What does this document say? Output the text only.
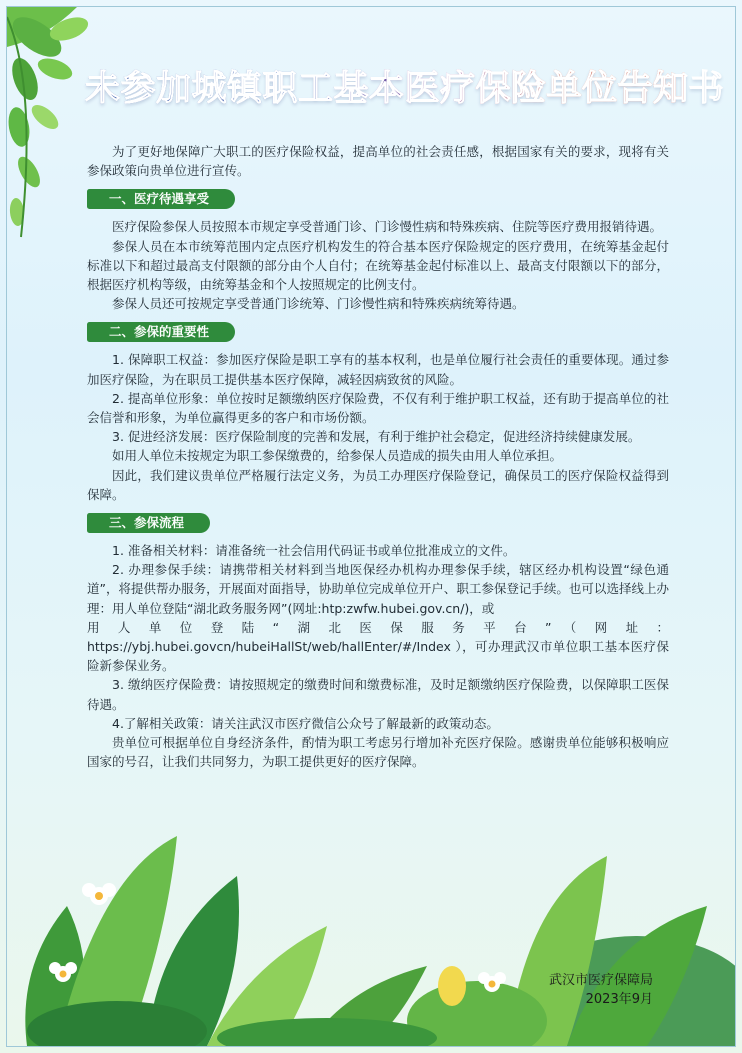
未参加城镇职工基本医疗保险单位告知书

为了更好地保障广大职工的医疗保险权益，提高单位的社会责任感，根据国家有关的要求，现将有关参保政策向贵单位进行宣传。

一、医疗待遇享受

医疗保险参保人员按照本市规定享受普通门诊、门诊慢性病和特殊疾病、住院等医疗费用报销待遇。

参保人员在本市统筹范围内定点医疗机构发生的符合基本医疗保险规定的医疗费用，在统筹基金起付标准以下和超过最高支付限额的部分由个人自付；在统筹基金起付标准以上、最高支付限额以下的部分，根据医疗机构等级，由统筹基金和个人按照规定的比例支付。

参保人员还可按规定享受普通门诊统筹、门诊慢性病和特殊疾病统筹待遇。

二、参保的重要性

1. 保障职工权益：参加医疗保险是职工享有的基本权利，也是单位履行社会责任的重要体现。通过参加医疗保险，为在职员工提供基本医疗保障，减轻因病致贫的风险。

2. 提高单位形象：单位按时足额缴纳医疗保险费，不仅有利于维护职工权益，还有助于提高单位的社会信誉和形象，为单位赢得更多的客户和市场份额。

3. 促进经济发展：医疗保险制度的完善和发展，有利于维护社会稳定，促进经济持续健康发展。

如用人单位未按规定为职工参保缴费的，给参保人员造成的损失由用人单位承担。

因此，我们建议贵单位严格履行法定义务，为员工办理医疗保险登记，确保员工的医疗保险权益得到保障。

三、参保流程

1. 准备相关材料：请准备统一社会信用代码证书或单位批准成立的文件。

2. 办理参保手续：请携带相关材料到当地医保经办机构办理参保手续，辖区经办机构设置“绿色通道”，将提供帮办服务，开展面对面指导，协助单位完成单位开户、职工参保登记手续。也可以选择线上办理：用人单位登陆“湖北政务服务网”(网址:htp:zwfw.hubei.gov.cn/)，或

用人单位登陆“湖北医保服务平台”（网址：

https://ybj.hubei.govcn/hubeiHallSt/web/hallEnter/#/Index ），可办理武汉市单位职工基本医疗保险新参保业务。

3. 缴纳医疗保险费：请按照规定的缴费时间和缴费标准，及时足额缴纳医疗保险费，以保障职工医保待遇。

4.了解相关政策：请关注武汉市医疗微信公众号了解最新的政策动态。

贵单位可根据单位自身经济条件，酌情为职工考虑另行增加补充医疗保险。感谢贵单位能够积极响应国家的号召，让我们共同努力，为职工提供更好的医疗保障。

武汉市医疗保障局
2023年9月
